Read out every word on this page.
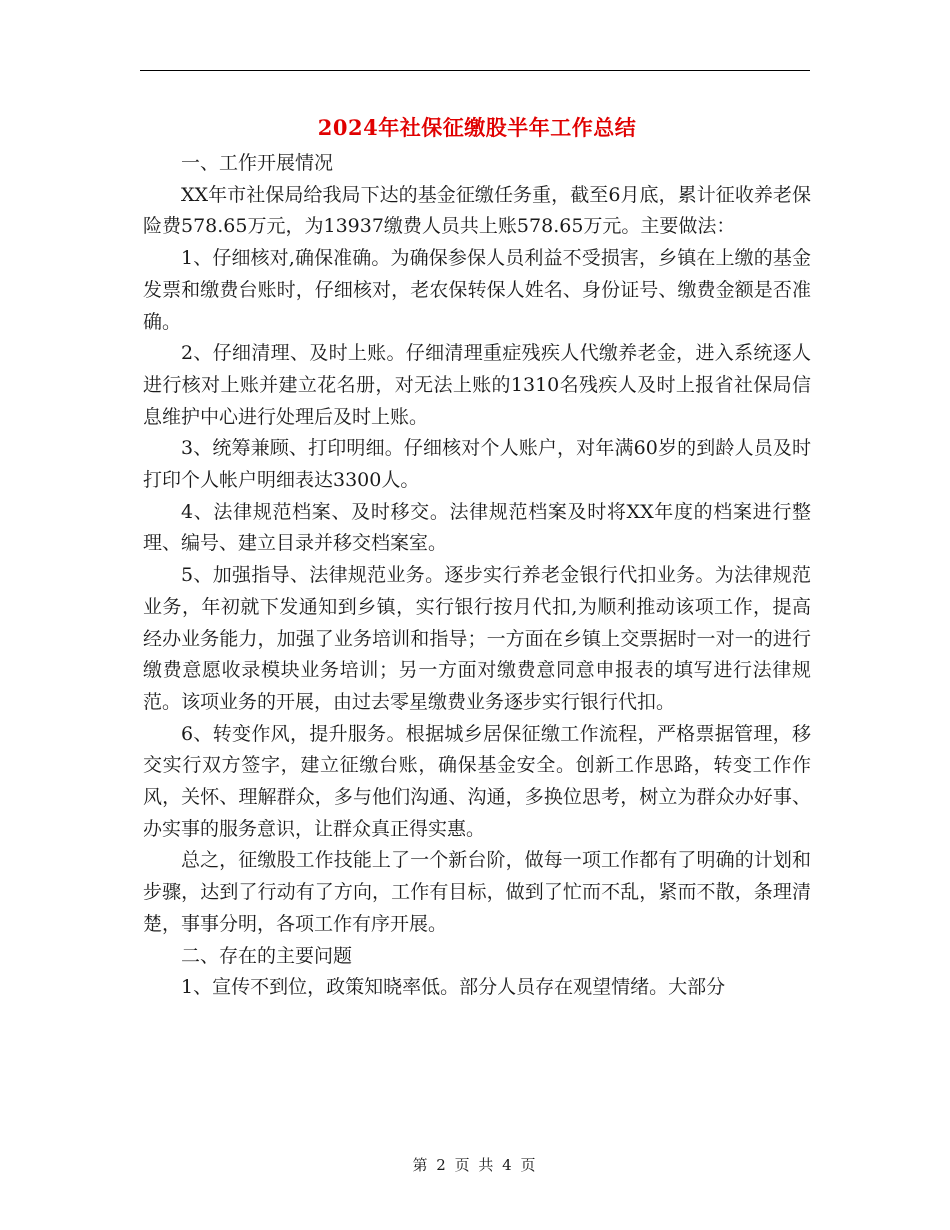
2024年社保征缴股半年工作总结

一、工作开展情况

XX年市社保局给我局下达的基金征缴任务重，截至6月底，累计征收养老保险费578.65万元，为13937缴费人员共上账578.65万元。主要做法：

1、仔细核对,确保准确。为确保参保人员利益不受损害，乡镇在上缴的基金发票和缴费台账时，仔细核对，老农保转保人姓名、身份证号、缴费金额是否准确。

2、仔细清理、及时上账。仔细清理重症残疾人代缴养老金，进入系统逐人进行核对上账并建立花名册，对无法上账的1310名残疾人及时上报省社保局信息维护中心进行处理后及时上账。

3、统筹兼顾、打印明细。仔细核对个人账户，对年满60岁的到龄人员及时打印个人帐户明细表达3300人。

4、法律规范档案、及时移交。法律规范档案及时将XX年度的档案进行整理、编号、建立目录并移交档案室。

5、加强指导、法律规范业务。逐步实行养老金银行代扣业务。为法律规范业务，年初就下发通知到乡镇，实行银行按月代扣,为顺利推动该项工作，提高经办业务能力，加强了业务培训和指导；一方面在乡镇上交票据时一对一的进行缴费意愿收录模块业务培训；另一方面对缴费意同意申报表的填写进行法律规范。该项业务的开展，由过去零星缴费业务逐步实行银行代扣。

6、转变作风，提升服务。根据城乡居保征缴工作流程，严格票据管理，移交实行双方签字，建立征缴台账，确保基金安全。创新工作思路，转变工作作风，关怀、理解群众，多与他们沟通、沟通，多换位思考，树立为群众办好事、办实事的服务意识，让群众真正得实惠。

总之，征缴股工作技能上了一个新台阶，做每一项工作都有了明确的计划和步骤，达到了行动有了方向，工作有目标，做到了忙而不乱，紧而不散，条理清楚，事事分明，各项工作有序开展。

二、存在的主要问题

1、宣传不到位，政策知晓率低。部分人员存在观望情绪。大部分

第 2 页 共 4 页
